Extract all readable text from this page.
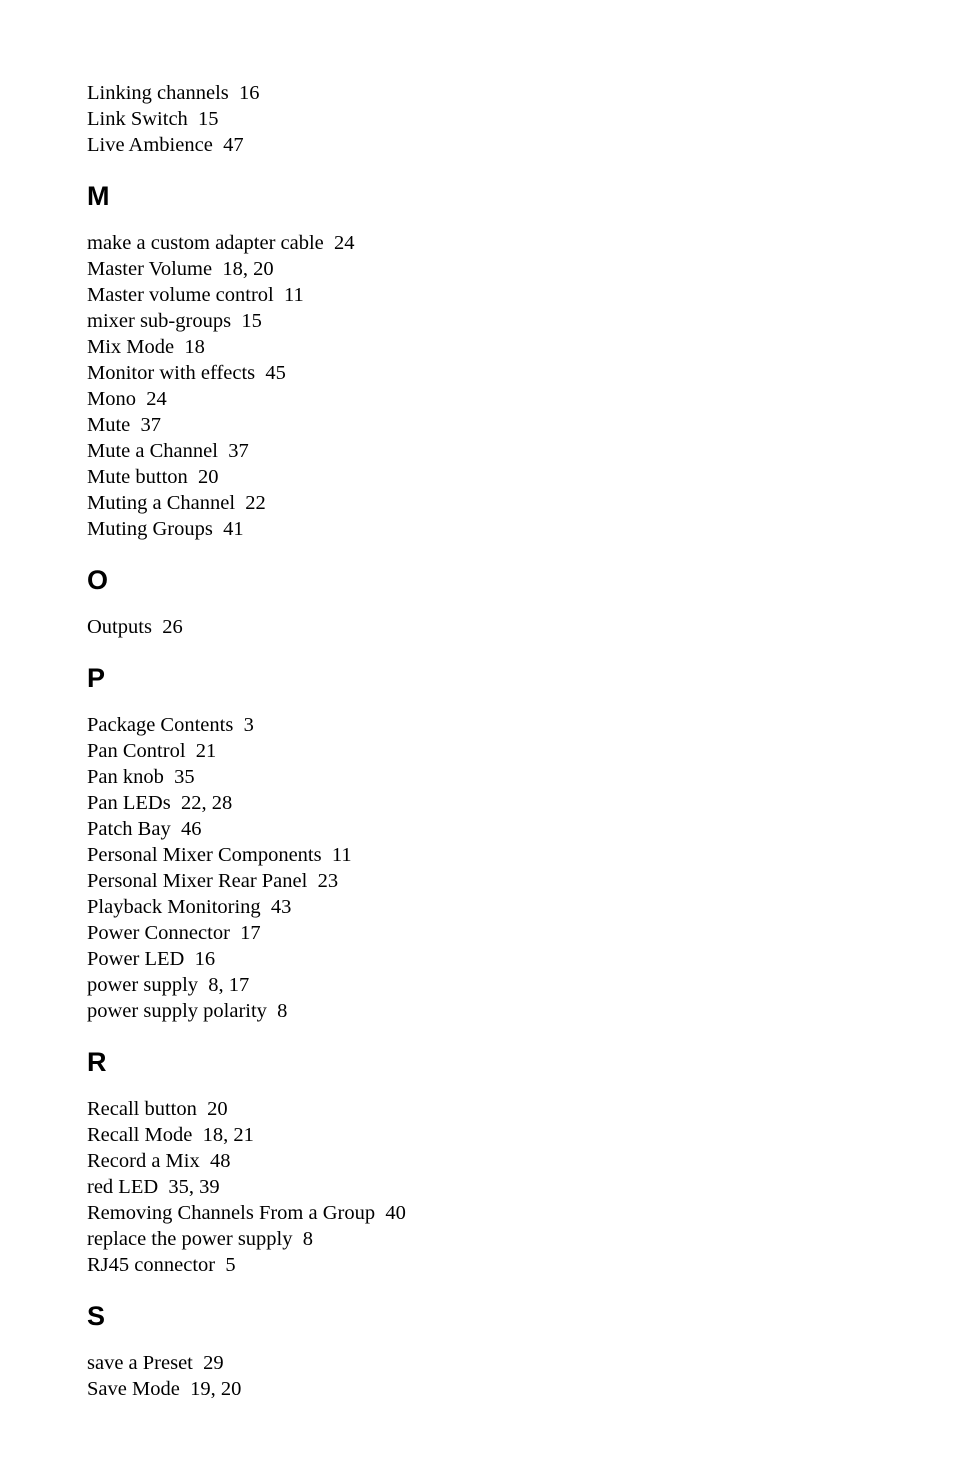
Linking channels 16
Link Switch 15
Live Ambience 47
M
make a custom adapter cable 24
Master Volume 18, 20
Master volume control 11
mixer sub-groups 15
Mix Mode 18
Monitor with effects 45
Mono 24
Mute 37
Mute a Channel 37
Mute button 20
Muting a Channel 22
Muting Groups 41
O
Outputs 26
P
Package Contents 3
Pan Control 21
Pan knob 35
Pan LEDs 22, 28
Patch Bay 46
Personal Mixer Components 11
Personal Mixer Rear Panel 23
Playback Monitoring 43
Power Connector 17
Power LED 16
power supply 8, 17
power supply polarity 8
R
Recall button 20
Recall Mode 18, 21
Record a Mix 48
red LED 35, 39
Removing Channels From a Group 40
replace the power supply 8
RJ45 connector 5
S
save a Preset 29
Save Mode 19, 20
